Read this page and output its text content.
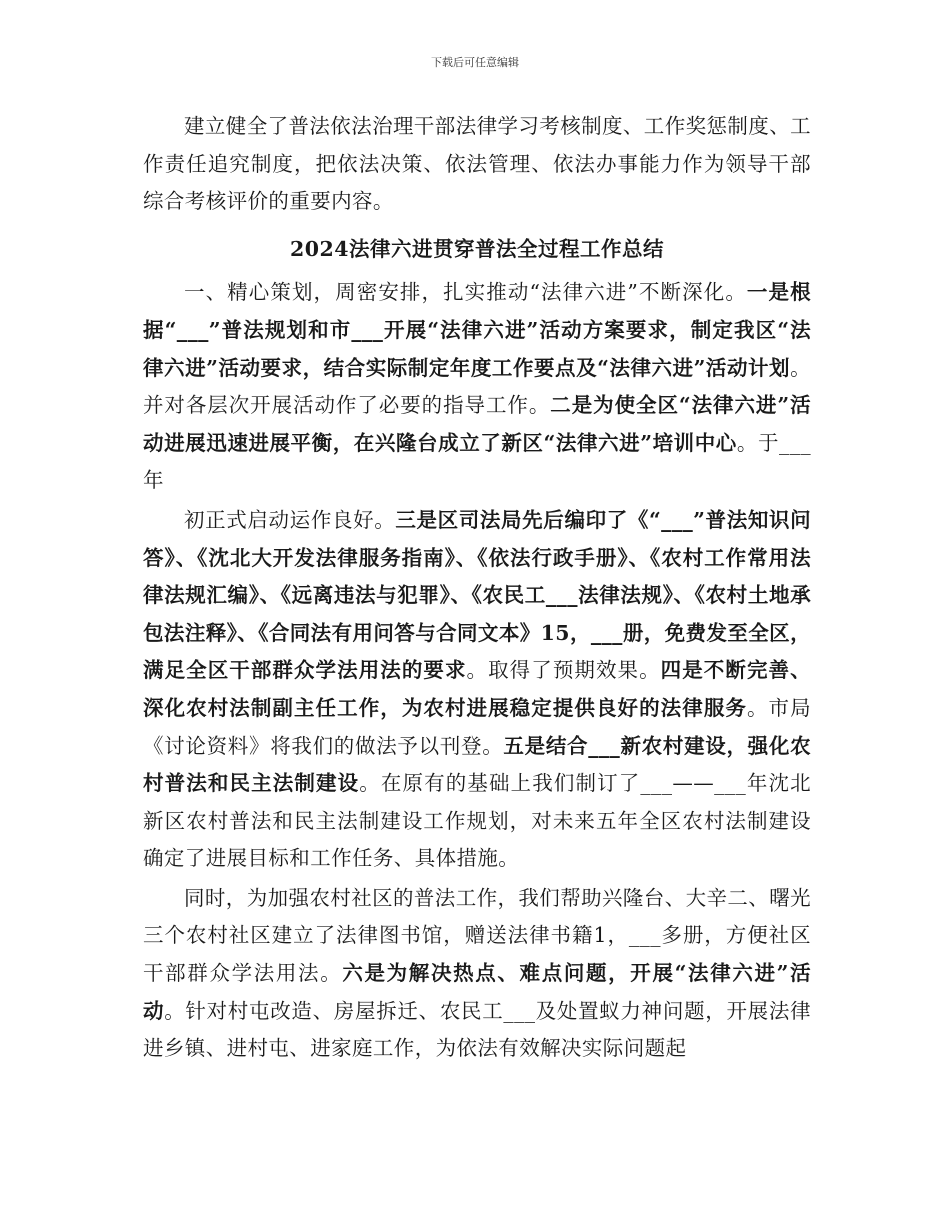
下载后可任意编辑

建立健全了普法依法治理干部法律学习考核制度、工作奖惩制度、工作责任追究制度，把依法决策、依法管理、依法办事能力作为领导干部综合考核评价的重要内容。

2024法律六进贯穿普法全过程工作总结

一、精心策划，周密安排，扎实推动“法律六进”不断深化。一是根据“___”普法规划和市___开展“法律六进”活动方案要求，制定我区“法律六进”活动要求，结合实际制定年度工作要点及“法律六进”活动计划。并对各层次开展活动作了必要的指导工作。二是为使全区“法律六进”活动进展迅速进展平衡，在兴隆台成立了新区“法律六进”培训中心。于___年

初正式启动运作良好。三是区司法局先后编印了《“___”普法知识问答》、《沈北大开发法律服务指南》、《依法行政手册》、《农村工作常用法律法规汇编》、《远离违法与犯罪》、《农民工___法律法规》、《农村土地承包法注释》、《合同法有用问答与合同文本》15，___册，免费发至全区，满足全区干部群众学法用法的要求。取得了预期效果。四是不断完善、深化农村法制副主任工作，为农村进展稳定提供良好的法律服务。市局《讨论资料》将我们的做法予以刊登。五是结合___新农村建设，强化农村普法和民主法制建设。在原有的基础上我们制订了___——___年沈北新区农村普法和民主法制建设工作规划，对未来五年全区农村法制建设确定了进展目标和工作任务、具体措施。

同时，为加强农村社区的普法工作，我们帮助兴隆台、大辛二、曙光三个农村社区建立了法律图书馆，赠送法律书籍1，___多册，方便社区干部群众学法用法。六是为解决热点、难点问题，开展“法律六进”活动。针对村屯改造、房屋拆迁、农民工___及处置蚁力神问题，开展法律进乡镇、进村屯、进家庭工作，为依法有效解决实际问题起
